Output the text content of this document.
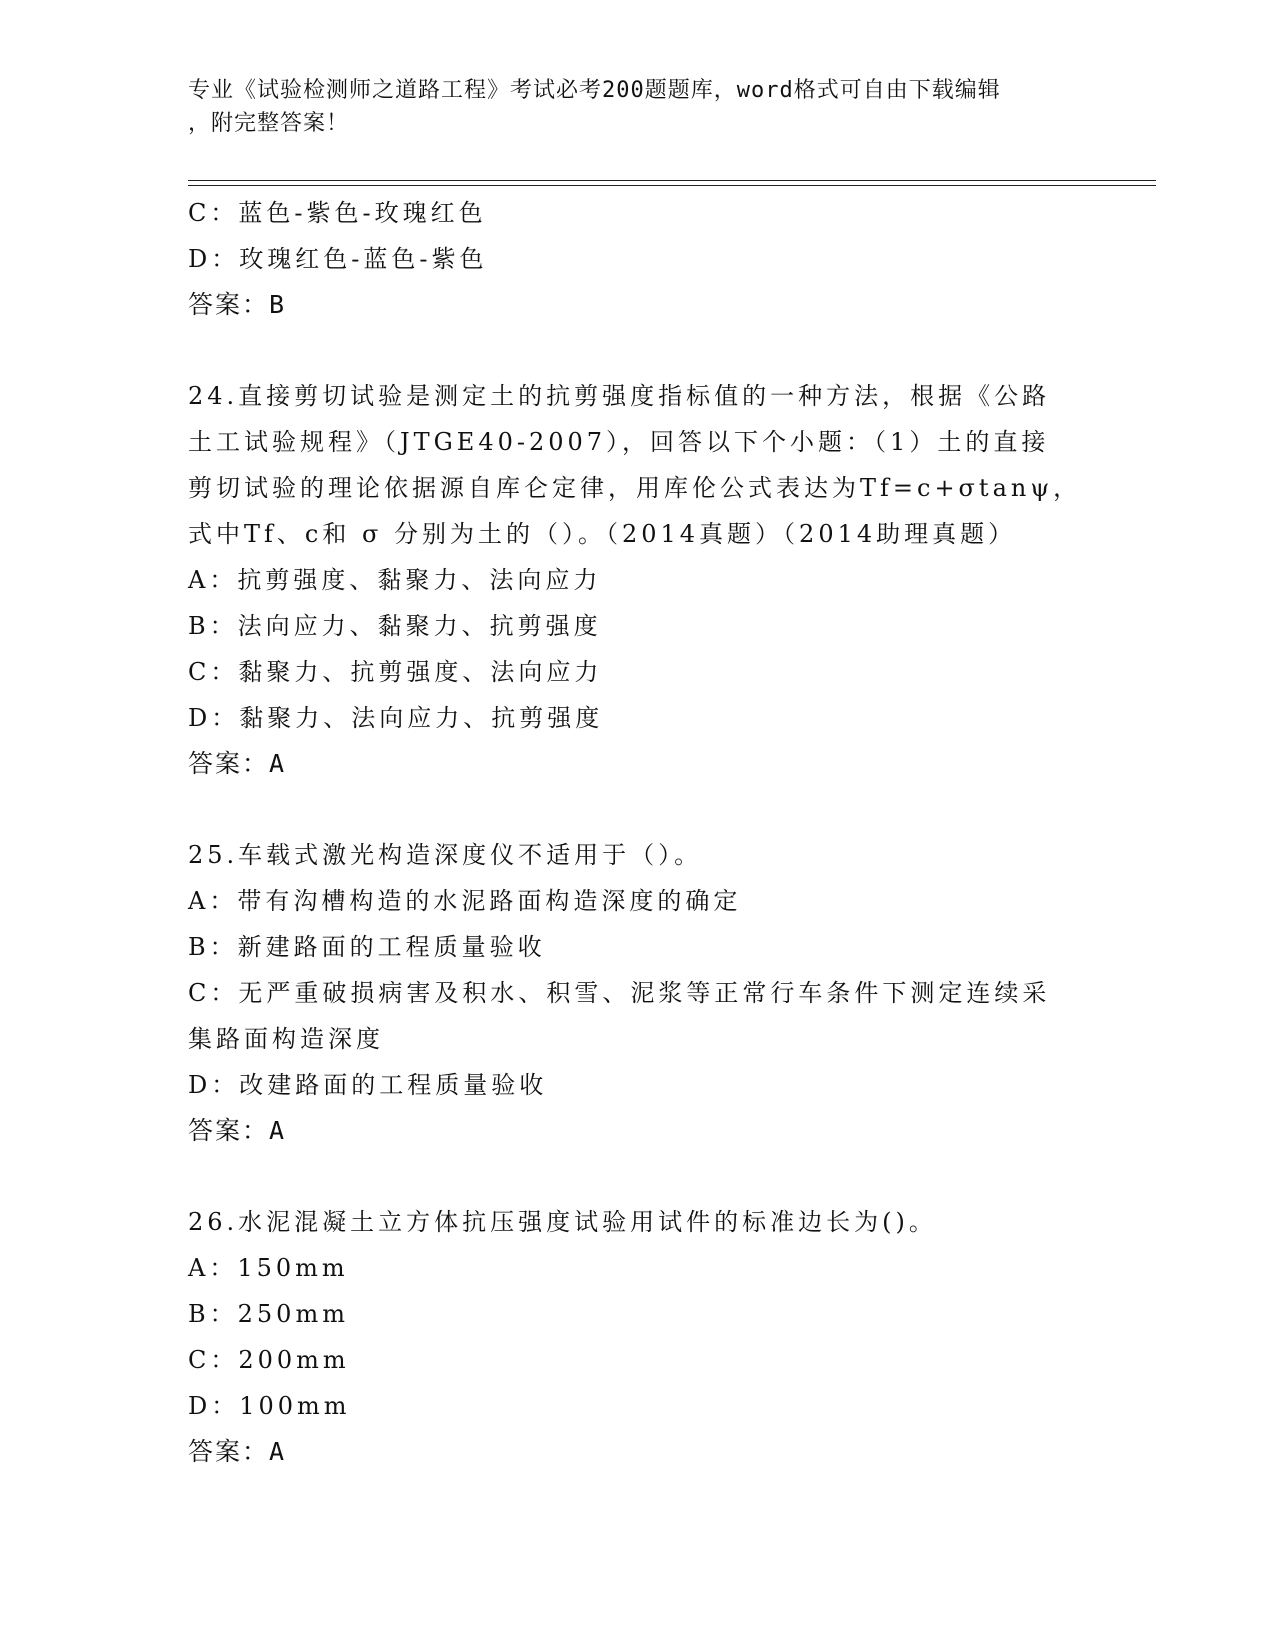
专业《试验检测师之道路工程》考试必考200题题库，word格式可自由下载编辑
，附完整答案！
C：蓝色-紫色-玫瑰红色
D：玫瑰红色-蓝色-紫色
答案：B
24.直接剪切试验是测定土的抗剪强度指标值的一种方法，根据《公路
土工试验规程》（JTGE40-2007），回答以下个小题：（1）土的直接
剪切试验的理论依据源自库仑定律，用库伦公式表达为Tf=c+σtanψ，
式中Tf、c和 σ 分别为土的（）。（2014真题）（2014助理真题）
A：抗剪强度、黏聚力、法向应力
B：法向应力、黏聚力、抗剪强度
C：黏聚力、抗剪强度、法向应力
D：黏聚力、法向应力、抗剪强度
答案：A
25.车载式激光构造深度仪不适用于（）。
A：带有沟槽构造的水泥路面构造深度的确定
B：新建路面的工程质量验收
C：无严重破损病害及积水、积雪、泥浆等正常行车条件下测定连续采
集路面构造深度
D：改建路面的工程质量验收
答案：A
26.水泥混凝土立方体抗压强度试验用试件的标准边长为()。
A：150mm
B：250mm
C：200mm
D：100mm
答案：A
